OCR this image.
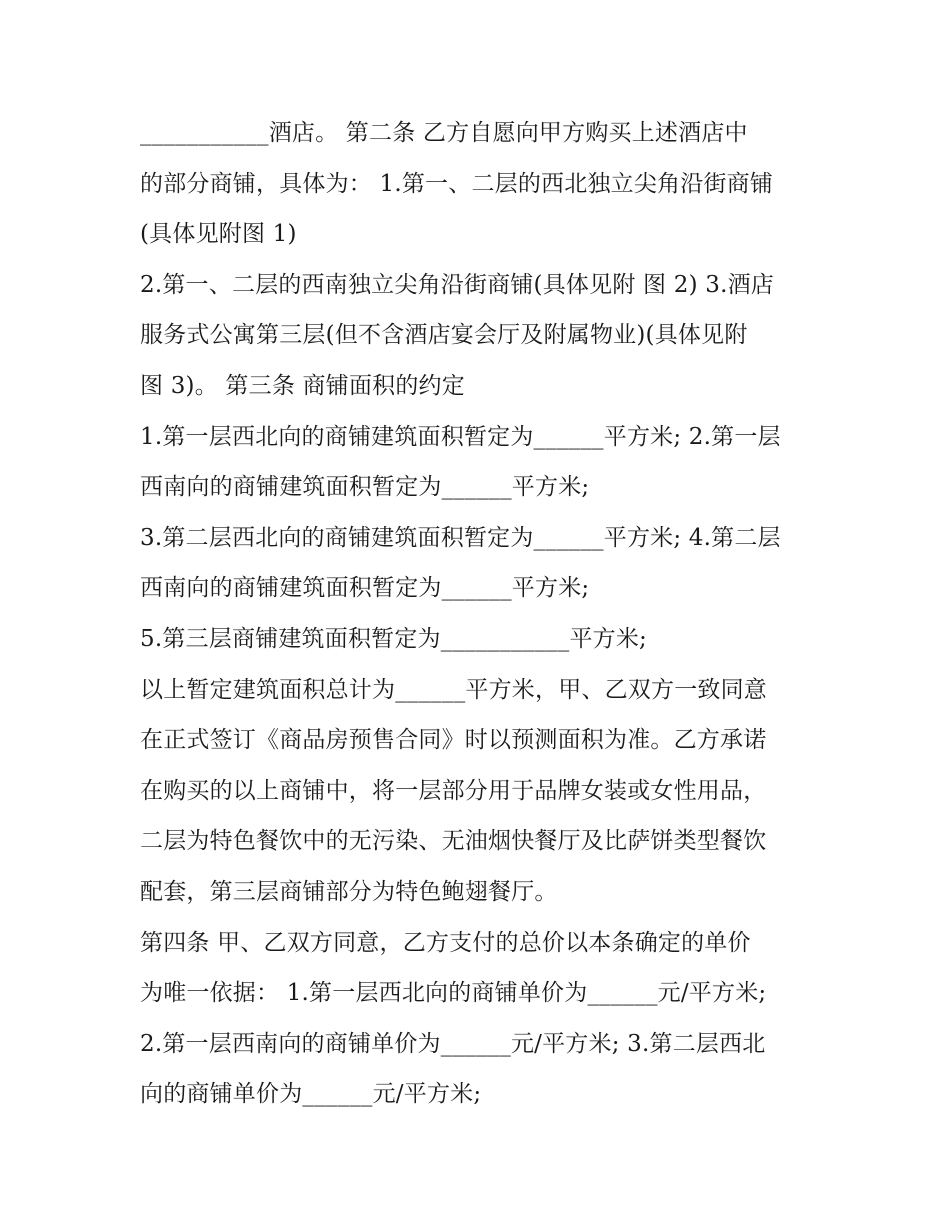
___________酒店。 第二条 乙方自愿向甲方购买上述酒店中
的部分商铺，具体为： 1.第一、二层的西北独立尖角沿街商铺
(具体见附图 1)
2.第一、二层的西南独立尖角沿街商铺(具体见附 图 2) 3.酒店
服务式公寓第三层(但不含酒店宴会厅及附属物业)(具体见附
图 3)。 第三条 商铺面积的约定
1.第一层西北向的商铺建筑面积暂定为______平方米; 2.第一层
西南向的商铺建筑面积暂定为______平方米;
3.第二层西北向的商铺建筑面积暂定为______平方米; 4.第二层
西南向的商铺建筑面积暂定为______平方米;
5.第三层商铺建筑面积暂定为___________平方米;
以上暂定建筑面积总计为______平方米，甲、乙双方一致同意
在正式签订《商品房预售合同》时以预测面积为准。乙方承诺
在购买的以上商铺中，将一层部分用于品牌女装或女性用品，
二层为特色餐饮中的无污染、无油烟快餐厅及比萨饼类型餐饮
配套，第三层商铺部分为特色鲍翅餐厅。
第四条 甲、乙双方同意，乙方支付的总价以本条确定的单价
为唯一依据： 1.第一层西北向的商铺单价为______元/平方米;
2.第一层西南向的商铺单价为______元/平方米; 3.第二层西北
向的商铺单价为______元/平方米;
